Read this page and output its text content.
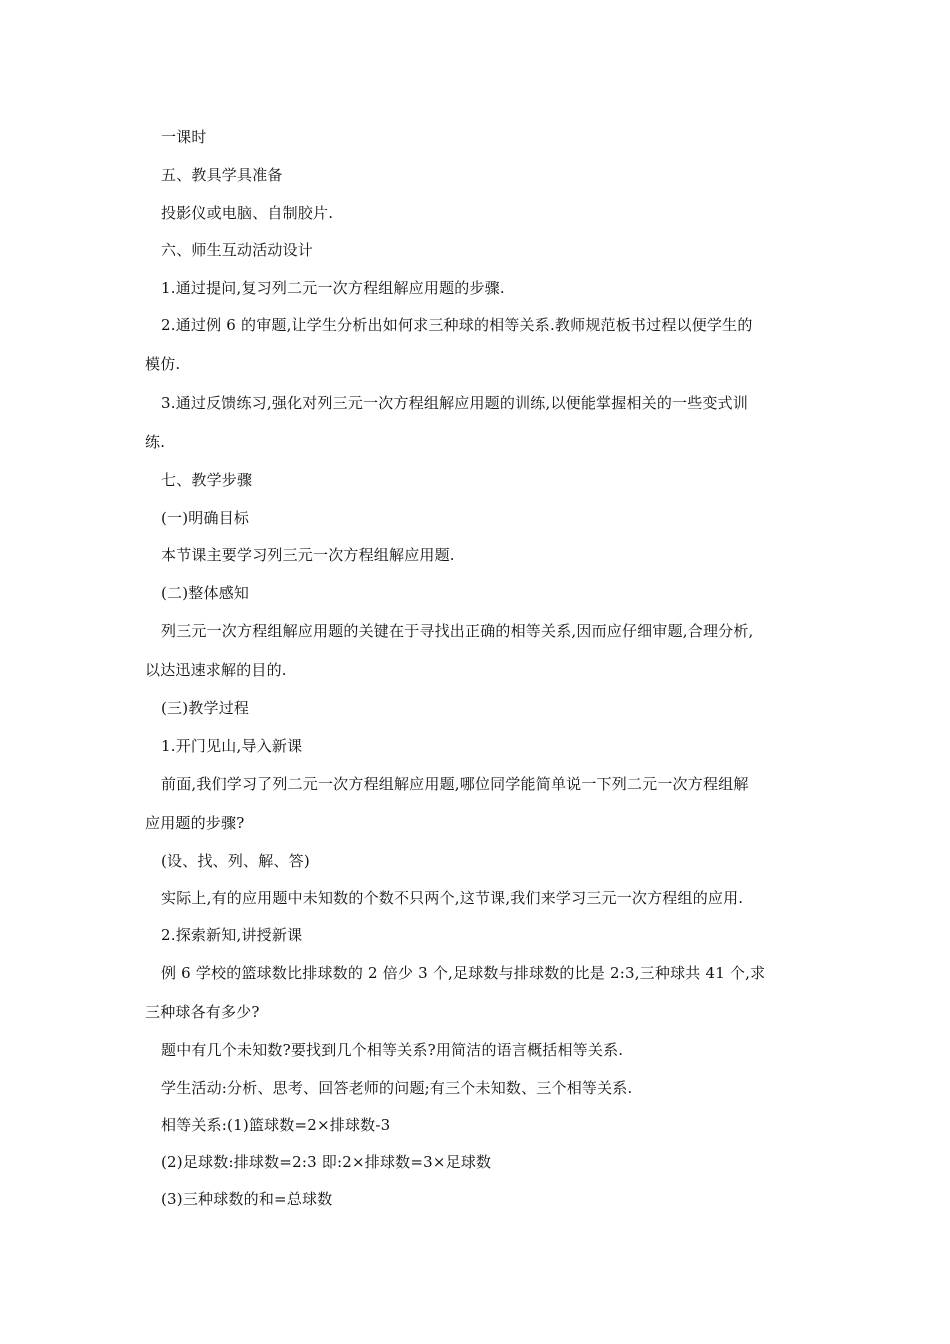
一课时
五、教具学具准备
投影仪或电脑、自制胶片.
六、师生互动活动设计
1.通过提问,复习列二元一次方程组解应用题的步骤.
2.通过例 6 的审题,让学生分析出如何求三种球的相等关系.教师规范板书过程以便学生的
模仿.
3.通过反馈练习,强化对列三元一次方程组解应用题的训练,以便能掌握相关的一些变式训
练.
七、教学步骤
(一)明确目标
本节课主要学习列三元一次方程组解应用题.
(二)整体感知
列三元一次方程组解应用题的关键在于寻找出正确的相等关系,因而应仔细审题,合理分析,
以达迅速求解的目的.
(三)教学过程
1.开门见山,导入新课
前面,我们学习了列二元一次方程组解应用题,哪位同学能简单说一下列二元一次方程组解
应用题的步骤?
(设、找、列、解、答)
实际上,有的应用题中未知数的个数不只两个,这节课,我们来学习三元一次方程组的应用.
2.探索新知,讲授新课
例 6 学校的篮球数比排球数的 2 倍少 3 个,足球数与排球数的比是 2:3,三种球共 41 个,求
三种球各有多少?
题中有几个未知数?要找到几个相等关系?用简洁的语言概括相等关系.
学生活动:分析、思考、回答老师的问题;有三个未知数、三个相等关系.
相等关系:(1)篮球数=2×排球数-3
(2)足球数:排球数=2:3 即:2×排球数=3×足球数
(3)三种球数的和=总球数
